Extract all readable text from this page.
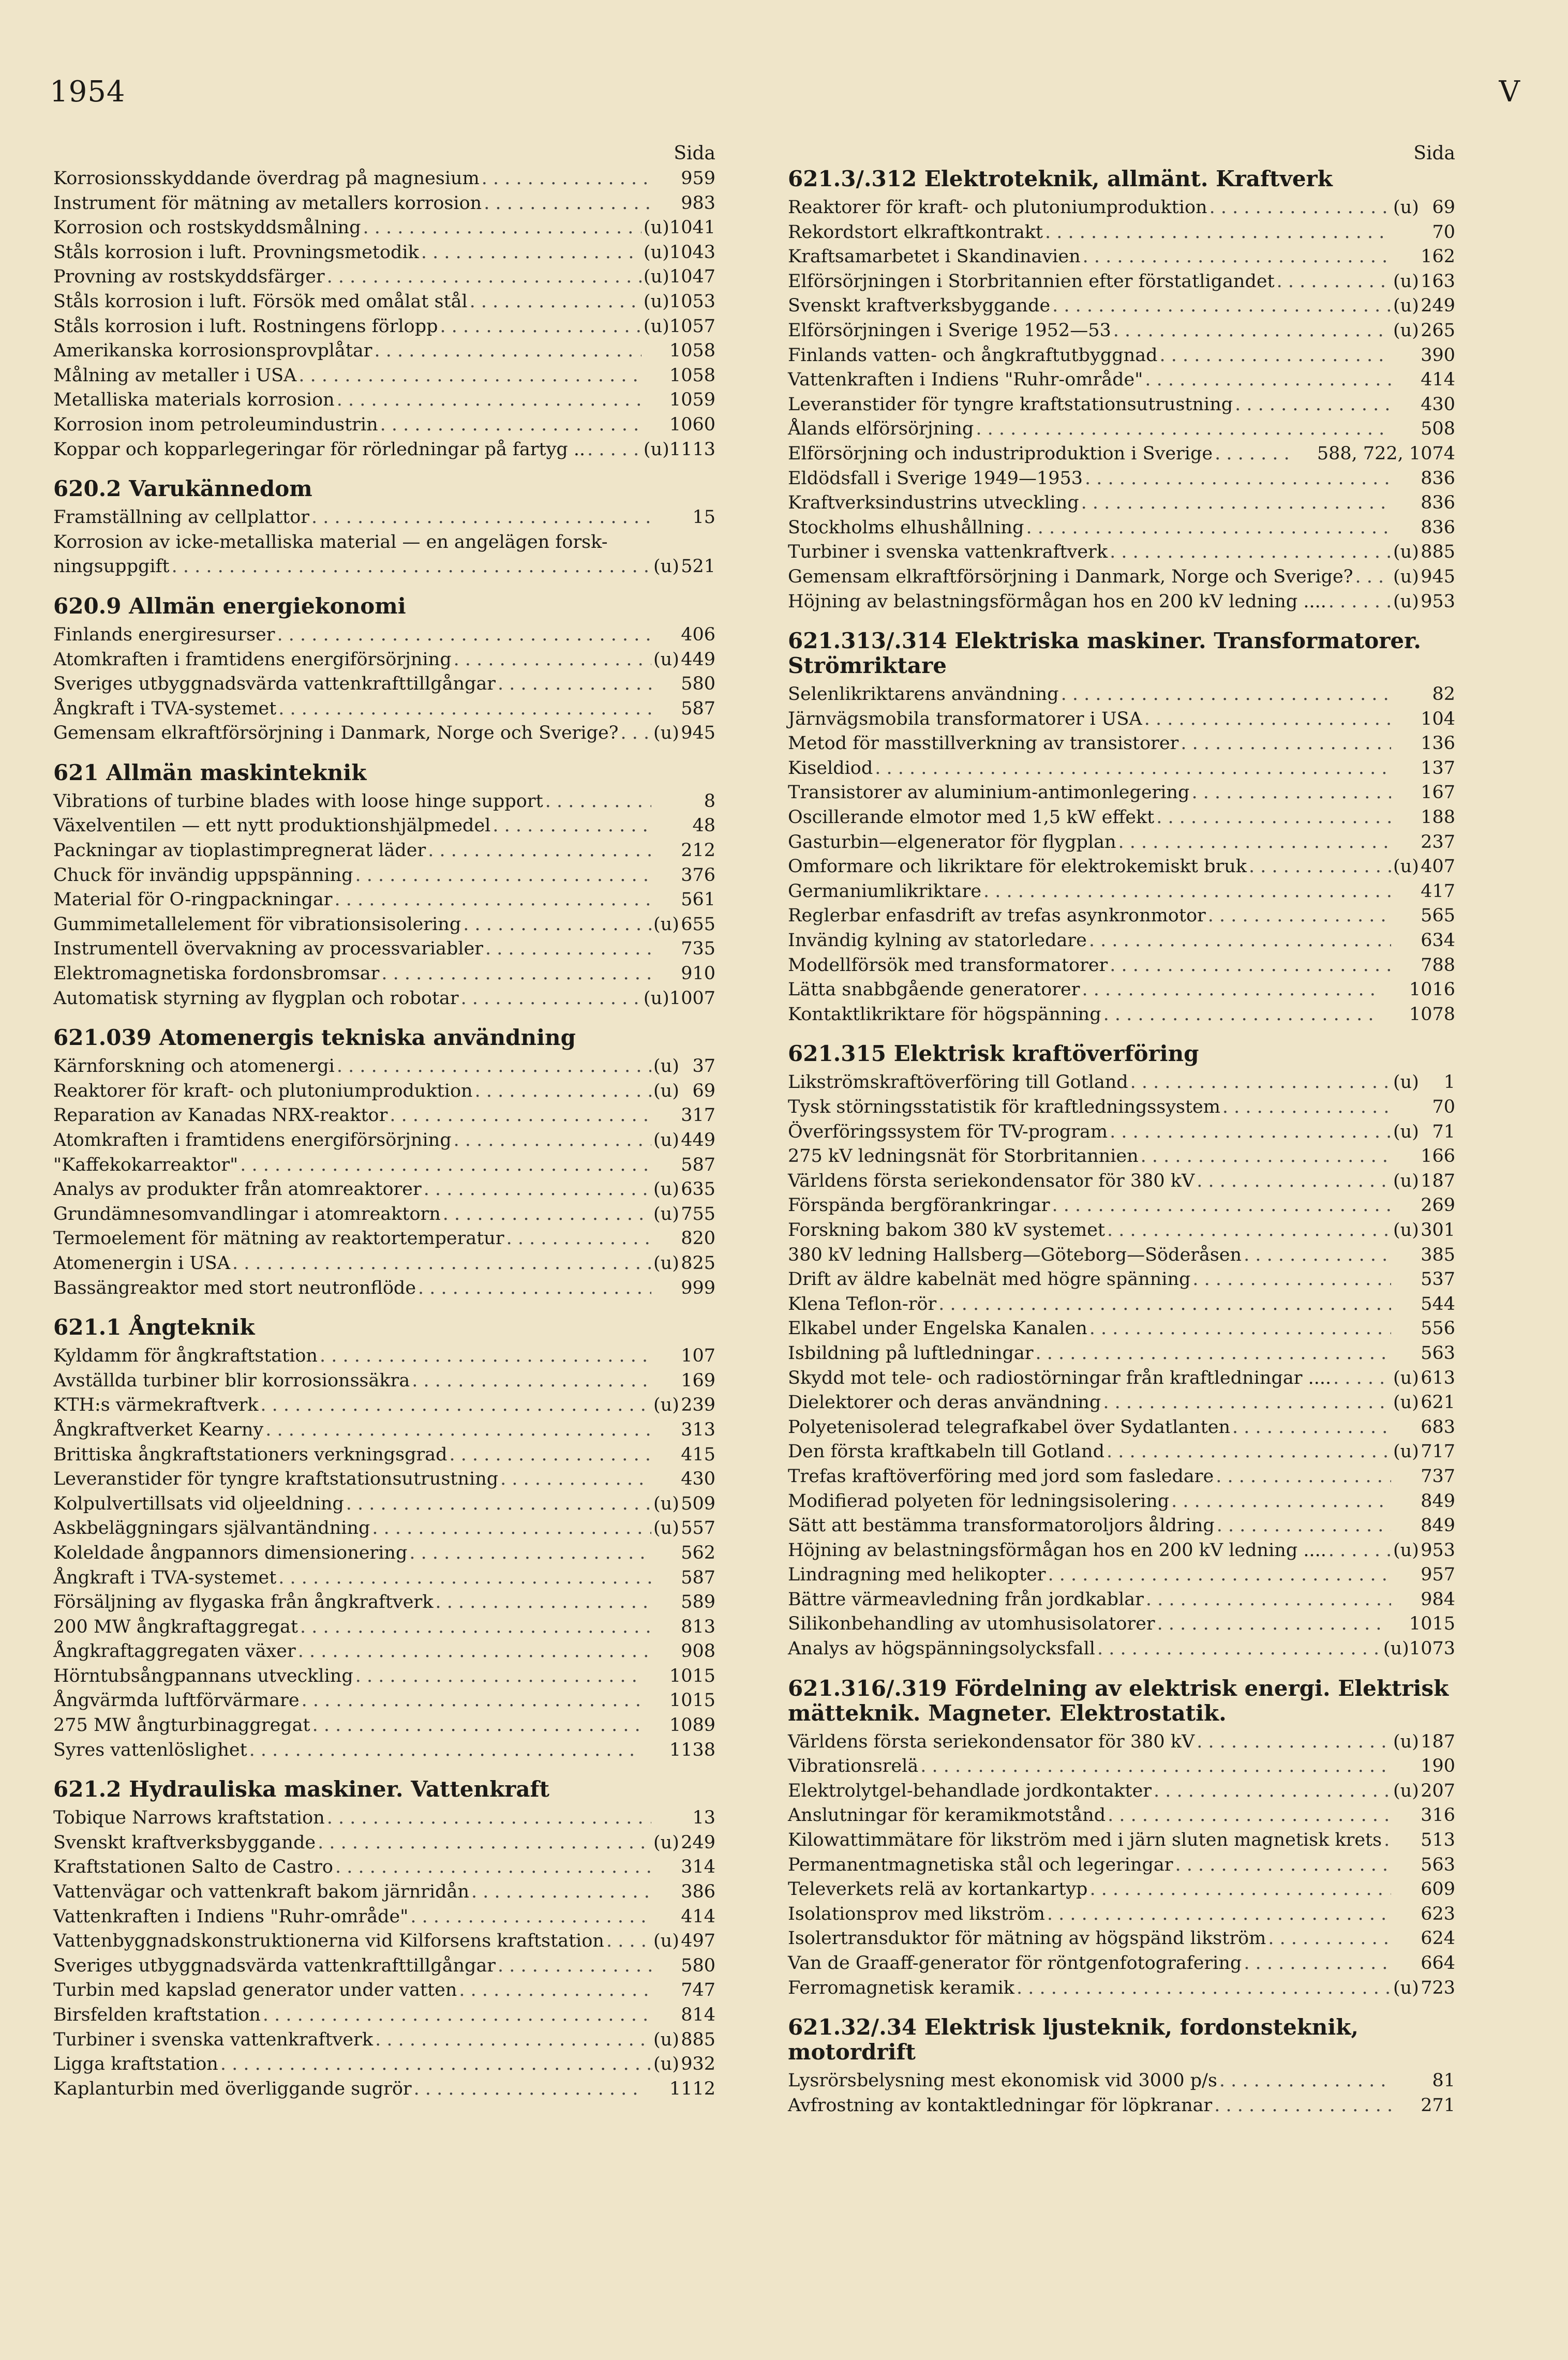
1954	V
Sida
Korrosionsskyddande överdrag på magnesium . . .	959
Instrument för mätning av metallers korrosion . . .	983
Korrosion och rostskyddsmålning . . .	(u) 1041
Ståls korrosion i luft. Provningsmetodik . . .	(u) 1043
Provning av rostskyddsfärger . . .	(u) 1047
Ståls korrosion i luft. Försök med omålat stål . . .	(u) 1053
Ståls korrosion i luft. Rostningens förlopp . . .	(u) 1057
Amerikanska korrosionsprovplåtar . . .	1058
Målning av metaller i USA . . .	1058
Metalliska materials korrosion . . .	1059
Korrosion inom petroleumindustrin . . .	1060
Koppar och kopparlegeringar för rörledningar på fartyg .. . . .	(u) 1113
620.2 Varukännedom
Framställning av cellplattor . . .	15
Korrosion av icke-metalliska material — en angelägen forsk-
ningsuppgift . . .	(u) 521
620.9 Allmän energiekonomi
Finlands energiresurser . . .	406
Atomkraften i framtidens energiförsörjning . . .	(u) 449
Sveriges utbyggnadsvärda vattenkrafttillgångar . . .	580
Ångkraft i TVA-systemet . . .	587
Gemensam elkraftförsörjning i Danmark, Norge och Sverige? . . . (u) 945
621 Allmän maskinteknik
Vibrations of turbine blades with loose hinge support . . .	8
Växelventilen — ett nytt produktionshjälpmedel . . .	48
Packningar av tioplastimpregnerat läder . . .	212
Chuck för invändig uppspänning . . .	376
Material för O-ringpackningar . . .	561
Gummimetallelement för vibrationsisolering . . .	(u) 655
Instrumentell övervakning av processvariabler . . .	735
Elektromagnetiska fordonsbromsar . . .	910
Automatisk styrning av flygplan och robotar . . .	(u) 1007
621.039 Atomenergis tekniska användning
Kärnforskning och atomenergi . . .	(u) 37
Reaktorer för kraft- och plutoniumproduktion . . .	(u) 69
Reparation av Kanadas NRX-reaktor . . .	317
Atomkraften i framtidens energiförsörjning . . .	(u) 449
"Kaffekokarreaktor" . . .	587
Analys av produkter från atomreaktorer . . .	(u) 635
Grundämnesomvandlingar i atomreaktorn . . .	(u) 755
Termoelement för mätning av reaktortemperatur . . .	820
Atomenergin i USA . . .	(u) 825
Bassängreaktor med stort neutronflöde . . .	999
621.1 Ångteknik
Kyldamm för ångkraftstation . . .	107
Avställda turbiner blir korrosionssäkra . . .	169
KTH:s värmekraftverk . . .	(u) 239
Ångkraftverket Kearny . . .	313
Brittiska ångkraftstationers verkningsgrad . . .	415
Leveranstider för tyngre kraftstationsutrustning . . .	430
Kolpulvertillsats vid oljeeldning . . .	(u) 509
Askbeläggningars självantändning . . .	(u) 557
Koleldade ångpannors dimensionering . . .	562
Ångkraft i TVA-systemet . . .	587
Försäljning av flygaska från ångkraftverk . . .	589
200 MW ångkraftaggregat . . .	813
Ångkraftaggregaten växer . . .	908
Hörntubsångpannans utveckling . . .	1015
Ångvärmda luftförvärmare . . .	1015
275 MW ångturbinaggregat . . .	1089
Syres vattenlöslighet . . .	1138
621.2 Hydrauliska maskiner. Vattenkraft
Tobique Narrows kraftstation . . .	13
Svenskt kraftverksbyggande . . .	(u) 249
Kraftstationen Salto de Castro . . .	314
Vattenvägar och vattenkraft bakom järnridån . . .	386
Vattenkraften i Indiens "Ruhr-område" . . .	414
Vattenbyggnadskonstruktionerna vid Kilforsens kraftstation . . .	(u) 497
Sveriges utbyggnadsvärda vattenkrafttillgångar . . .	580
Turbin med kapslad generator under vatten . . .	747
Birsfelden kraftstation . . .	814
Turbiner i svenska vattenkraftverk . . .	(u) 885
Ligga kraftstation . . .	(u) 932
Kaplanturbin med överliggande sugrör . . .	1112
Sida
621.3/.312 Elektroteknik, allmänt. Kraftverk
Reaktorer för kraft- och plutoniumproduktion . . .	(u) 69
Rekordstort elkraftkontrakt . . .	70
Kraftsamarbetet i Skandinavien . . .	162
Elförsörjningen i Storbritannien efter förstatligandet . . .	(u) 163
Svenskt kraftverksbyggande . . .	(u) 249
Elförsörjningen i Sverige 1952—53 . . .	(u) 265
Finlands vatten- och ångkraftutbyggnad . . .	390
Vattenkraften i Indiens "Ruhr-område" . . .	414
Leveranstider för tyngre kraftstationsutrustning . . .	430
Ålands elförsörjning . . .	508
Elförsörjning och industriproduktion i Sverige . . .	588, 722, 1074
Eldödsfall i Sverige 1949—1953 . . .	836
Kraftverksindustrins utveckling . . .	836
Stockholms elhushållning . . .	836
Turbiner i svenska vattenkraftverk . . .	(u) 885
Gemensam elkraftförsörjning i Danmark, Norge och Sverige? . . . (u) 945
Höjning av belastningsförmågan hos en 200 kV ledning .... . . .	(u) 953
621.313/.314 Elektriska maskiner. Transformatorer. Strömriktare
Selenlikriktarens användning . . .	82
Järnvägsmobila transformatorer i USA . . .	104
Metod för masstillverkning av transistorer . . .	136
Kiseldiod . . .	137
Transistorer av aluminium-antimonlegering . . .	167
Oscillerande elmotor med 1,5 kW effekt . . .	188
Gasturbin—elgenerator för flygplan . . .	237
Omformare och likriktare för elektrokemiskt bruk . . .	(u) 407
Germaniumlikriktare . . .	417
Reglerbar enfasdrift av trefas asynkronmotor . . .	565
Invändig kylning av statorledare . . .	634
Modellförsök med transformatorer . . .	788
Lätta snabbgående generatorer . . .	1016
Kontaktlikriktare för högspänning . . .	1078
621.315 Elektrisk kraftöverföring
Likströmskraftöverföring till Gotland . . .	(u)	1
Tysk störningsstatistik för kraftledningssystem . . .	70
Överföringssystem för TV-program . . .	(u) 71
275 kV ledningsnät för Storbritannien . . .	166
Världens första seriekondensator för 380 kV . . .	(u) 187
Förspända bergförankringar . . .	269
Forskning bakom 380 kV systemet . . .	(u) 301
380 kV ledning Hallsberg—Göteborg—Söderåsen . . .	385
Drift av äldre kabelnät med högre spänning . . .	537
Klena Teflon-rör . . .	544
Elkabel under Engelska Kanalen . . .	556
Isbildning på luftledningar . . .	563
Skydd mot tele- och radiostörningar från kraftledningar .... . . .	(u) 613
Dielektorer och deras användning . . .	(u) 621
Polyetenisolerad telegrafkabel över Sydatlanten . . .	683
Den första kraftkabeln till Gotland . . .	(u) 717
Trefas kraftöverföring med jord som fasledare . . .	737
Modifierad polyeten för ledningsisolering . . .	849
Sätt att bestämma transformatoroljors åldring . . .	849
Höjning av belastningsförmågan hos en 200 kV ledning .... . . .	(u) 953
Lindragning med helikopter . . .	957
Bättre värmeavledning från jordkablar . . .	984
Silikonbehandling av utomhusisolatorer . . .	1015
Analys av högspänningsolycksfall . . .	(u) 1073
621.316/.319 Fördelning av elektrisk energi. Elektrisk mätteknik. Magneter. Elektrostatik.
Världens första seriekondensator för 380 kV . . .	(u) 187
Vibrationsrelä . . .	190
Elektrolytgel-behandlade jordkontakter . . .	(u) 207
Anslutningar för keramikmotstånd . . .	316
Kilowattimmätare för likström med i järn sluten magnetisk krets . . . 513
Permanentmagnetiska stål och legeringar . . .	563
Televerkets relä av kortankartyp . . .	609
Isolationsprov med likström . . .	623
Isolertransduktor för mätning av högspänd likström . . .	624
Van de Graaff-generator för röntgenfotografering . . .	664
Ferromagnetisk keramik . . .	(u) 723
621.32/.34 Elektrisk ljusteknik, fordonsteknik, motordrift
Lysrörsbelysning mest ekonomisk vid 3000 p/s . . .	81
Avfrostning av kontaktledningar för löpkranar . . .	271
